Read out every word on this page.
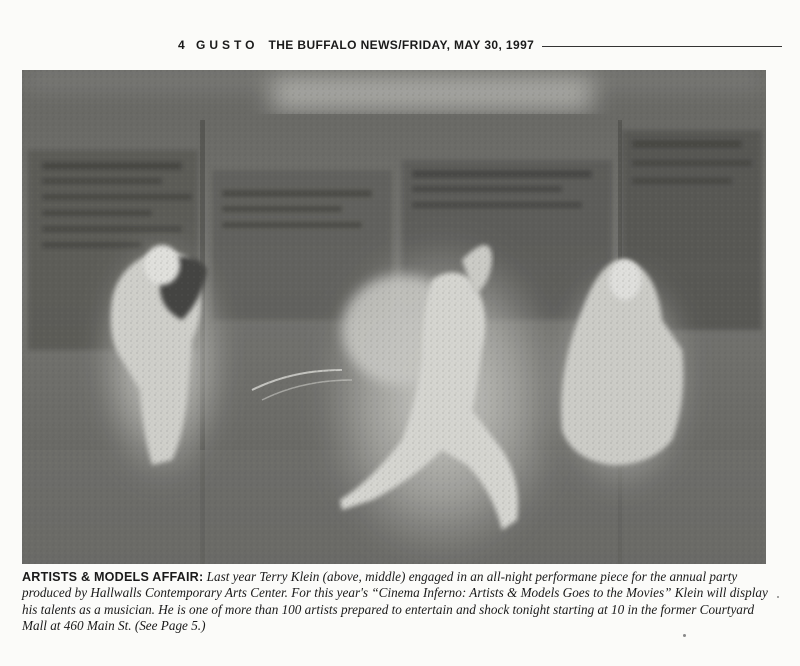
4 GUSTO THE BUFFALO NEWS/FRIDAY, MAY 30, 1997
ARTISTS & MODELS AFFAIR: Last year Terry Klein (above, middle) engaged in an all-night performane piece for the annual party produced by Hallwalls Contemporary Arts Center. For this year's “Cinema Inferno: Artists & Models Goes to the Movies” Klein will display his talents as a musician. He is one of more than 100 artists prepared to entertain and shock tonight starting at 10 in the former Courtyard Mall at 460 Main St. (See Page 5.)
